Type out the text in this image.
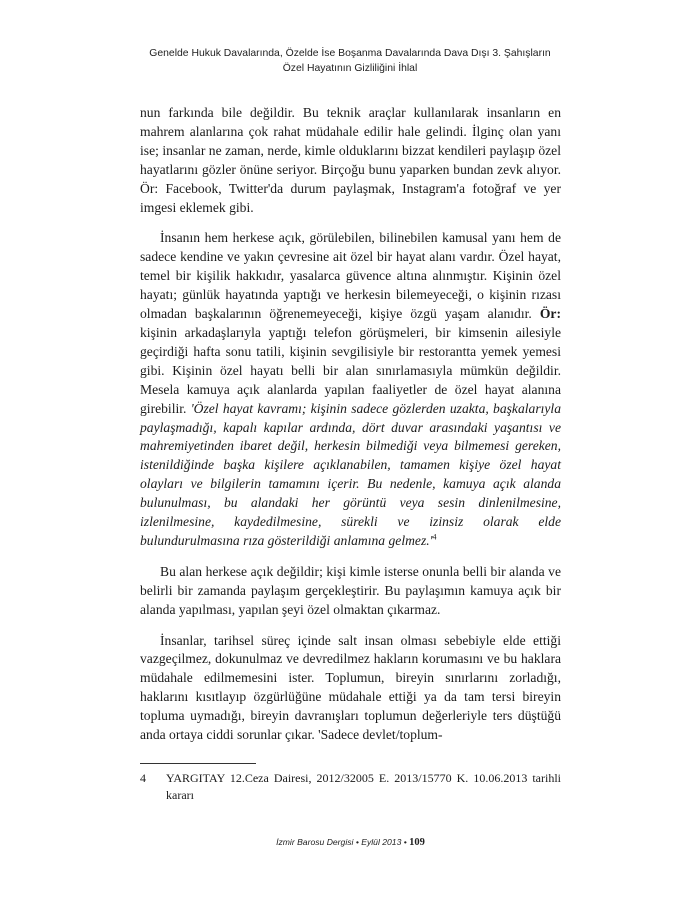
Genelde Hukuk Davalarında, Özelde İse Boşanma Davalarında Dava Dışı 3. Şahışların
Özel Hayatının Gizliliğini İhlal

nun farkında bile değildir. Bu teknik araçlar kullanılarak insanların en mahrem alanlarına çok rahat müdahale edilir hale gelindi. İlginç olan yanı ise; insanlar ne zaman, nerde, kimle olduklarını bizzat kendileri paylaşıp özel hayatlarını gözler önüne seriyor. Birçoğu bunu yaparken bundan zevk alıyor. Ör: Facebook, Twitter'da durum paylaşmak, Instagram'a fotoğraf ve yer imgesi eklemek gibi.

İnsanın hem herkese açık, görülebilen, bilinebilen kamusal yanı hem de sadece kendine ve yakın çevresine ait özel bir hayat alanı vardır. Özel hayat, temel bir kişilik hakkıdır, yasalarca güvence altına alınmıştır. Kişinin özel hayatı; günlük hayatında yaptığı ve herkesin bilemeyeceği, o kişinin rızası olmadan başkalarının öğrenemeyeceği, kişiye özgü yaşam alanıdır. Ör: kişinin arkadaşlarıyla yaptığı telefon görüşmeleri, bir kimsenin ailesiyle geçirdiği hafta sonu tatili, kişinin sevgilisiyle bir restorantta yemek yemesi gibi. Kişinin özel hayatı belli bir alan sınırlamasıyla mümkün değildir. Mesela kamuya açık alanlarda yapılan faaliyetler de özel hayat alanına girebilir. 'Özel hayat kavramı; kişinin sadece gözlerden uzakta, başkalarıyla paylaşmadığı, kapalı kapılar ardında, dört duvar arasındaki yaşantısı ve mahremiyetinden ibaret değil, herkesin bilmediği veya bilmemesi gereken, istenildiğinde başka kişilere açıklanabilen, tamamen kişiye özel hayat olayları ve bilgilerin tamamını içerir. Bu nedenle, kamuya açık alanda bulunulması, bu alandaki her görüntü veya sesin dinlenilmesine, izlenilmesine, kaydedilmesine, sürekli ve izinsiz olarak elde bulundurulmasına rıza gösterildiği anlamına $gelmez.'^4$

Bu alan herkese açık değildir; kişi kimle isterse onunla belli bir alanda ve belirli bir zamanda paylaşım gerçekleştirir. Bu paylaşımın kamuya açık bir alanda yapılması, yapılan şeyi özel olmaktan çıkarmaz.

İnsanlar, tarihsel süreç içinde salt insan olması sebebiyle elde ettiği vazgeçilmez, dokunulmaz ve devredilmez hakların korumasını ve bu haklara müdahale edilmemesini ister. Toplumun, bireyin sınırlarını zorladığı, haklarını kısıtlayıp özgürlüğüne müdahale ettiği ya da tam tersi bireyin topluma uymadığı, bireyin davranışları toplumun değerleriyle ters düştüğü anda ortaya ciddi sorunlar çıkar. 'Sadece devlet/toplum-

4 YARGITAY 12.Ceza Dairesi, 2012/32005 E. 2013/15770 K. 10.06.2013 tarihli kararı
İzmir Barosu Dergisi • Eylül 2013 • 109
